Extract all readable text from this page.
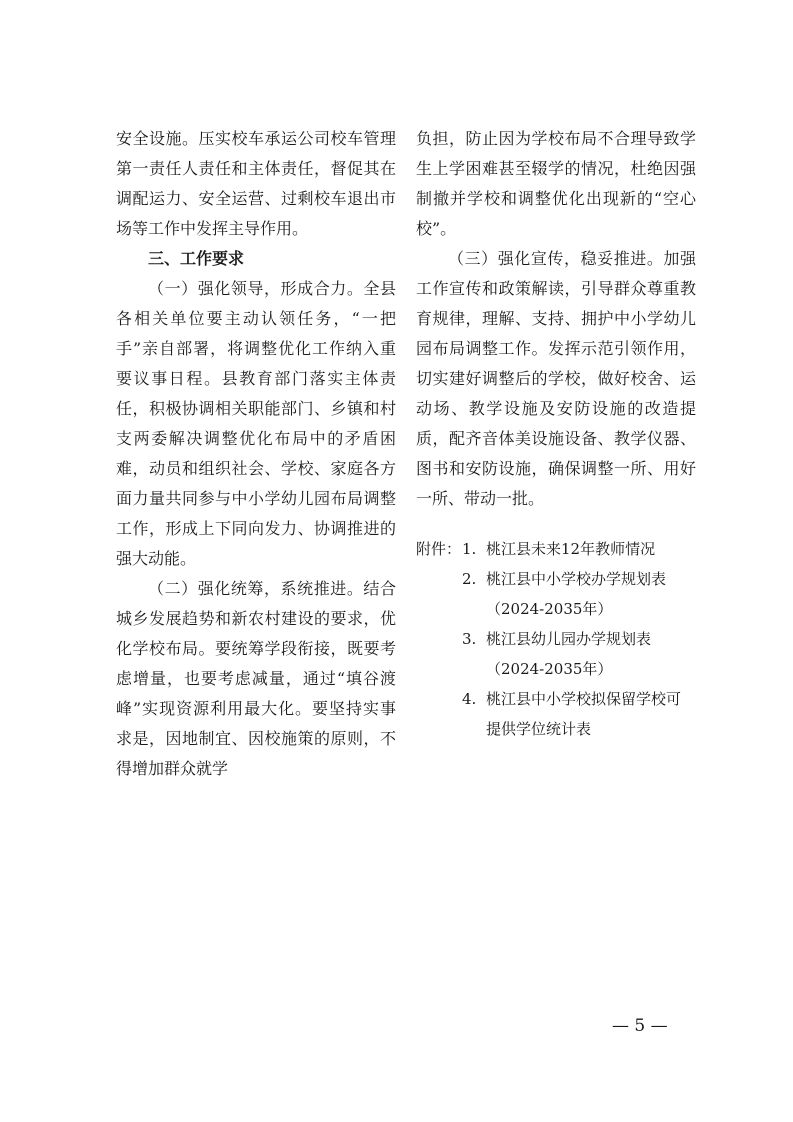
安全设施。压实校车承运公司校车管理第一责任人责任和主体责任，督促其在调配运力、安全运营、过剩校车退出市场等工作中发挥主导作用。

三、工作要求

（一）强化领导，形成合力。全县各相关单位要主动认领任务，“一把手”亲自部署，将调整优化工作纳入重要议事日程。县教育部门落实主体责任，积极协调相关职能部门、乡镇和村支两委解决调整优化布局中的矛盾困难，动员和组织社会、学校、家庭各方面力量共同参与中小学幼儿园布局调整工作，形成上下同向发力、协调推进的强大动能。

（二）强化统筹，系统推进。结合城乡发展趋势和新农村建设的要求，优化学校布局。要统筹学段衔接，既要考虑增量，也要考虑减量，通过“填谷渡峰”实现资源利用最大化。要坚持实事求是，因地制宜、因校施策的原则，不得增加群众就学

负担，防止因为学校布局不合理导致学生上学困难甚至辍学的情况，杜绝因强制撤并学校和调整优化出现新的“空心校”。

（三）强化宣传，稳妥推进。加强工作宣传和政策解读，引导群众尊重教育规律，理解、支持、拥护中小学幼儿园布局调整工作。发挥示范引领作用，切实建好调整后的学校，做好校舍、运动场、教学设施及安防设施的改造提质，配齐音体美设施设备、教学仪器、图书和安防设施，确保调整一所、用好一所、带动一批。

附件： 1. 桃江县未来12年教师情况
2. 桃江县中小学校办学规划表
（2024-2035年）
3. 桃江县幼儿园办学规划表
（2024-2035年）
4. 桃江县中小学校拟保留学校可
提供学位统计表
— 5 —
